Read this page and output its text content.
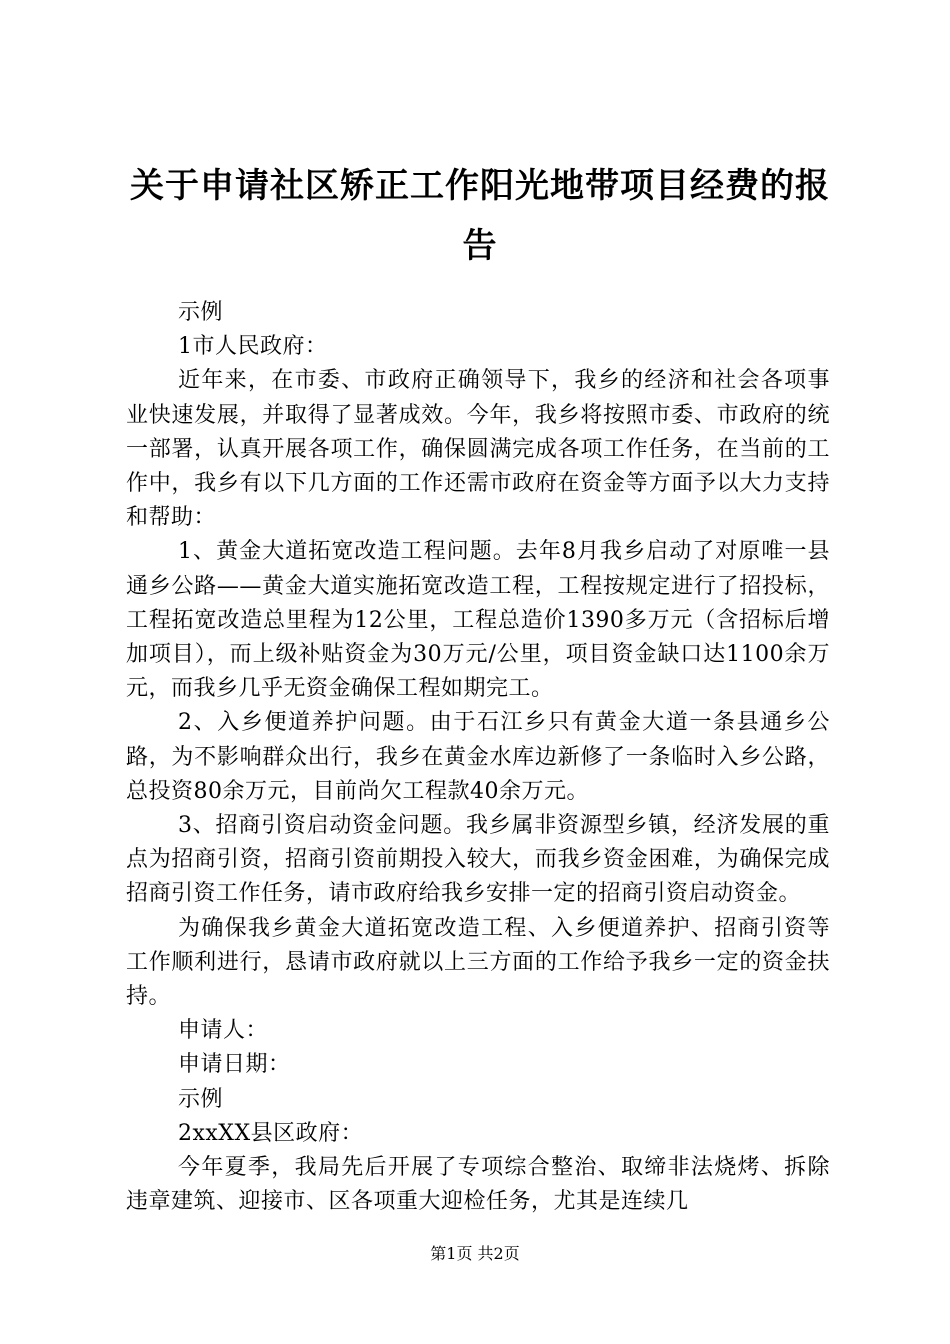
关于申请社区矫正工作阳光地带项目经费的报告

示例

1市人民政府：

近年来，在市委、市政府正确领导下，我乡的经济和社会各项事业快速发展，并取得了显著成效。今年，我乡将按照市委、市政府的统一部署，认真开展各项工作，确保圆满完成各项工作任务，在当前的工作中，我乡有以下几方面的工作还需市政府在资金等方面予以大力支持和帮助：

1、黄金大道拓宽改造工程问题。去年8月我乡启动了对原唯一县通乡公路——黄金大道实施拓宽改造工程，工程按规定进行了招投标，工程拓宽改造总里程为12公里，工程总造价1390多万元（含招标后增加项目），而上级补贴资金为30万元/公里，项目资金缺口达1100余万元，而我乡几乎无资金确保工程如期完工。

2、入乡便道养护问题。由于石江乡只有黄金大道一条县通乡公路，为不影响群众出行，我乡在黄金水库边新修了一条临时入乡公路，总投资80余万元，目前尚欠工程款40余万元。

3、招商引资启动资金问题。我乡属非资源型乡镇，经济发展的重点为招商引资，招商引资前期投入较大，而我乡资金困难，为确保完成招商引资工作任务，请市政府给我乡安排一定的招商引资启动资金。

为确保我乡黄金大道拓宽改造工程、入乡便道养护、招商引资等工作顺利进行，恳请市政府就以上三方面的工作给予我乡一定的资金扶持。

申请人：

申请日期：

示例

2xxXX县区政府：

今年夏季，我局先后开展了专项综合整治、取缔非法烧烤、拆除违章建筑、迎接市、区各项重大迎检任务，尤其是连续几

第1页 共2页
